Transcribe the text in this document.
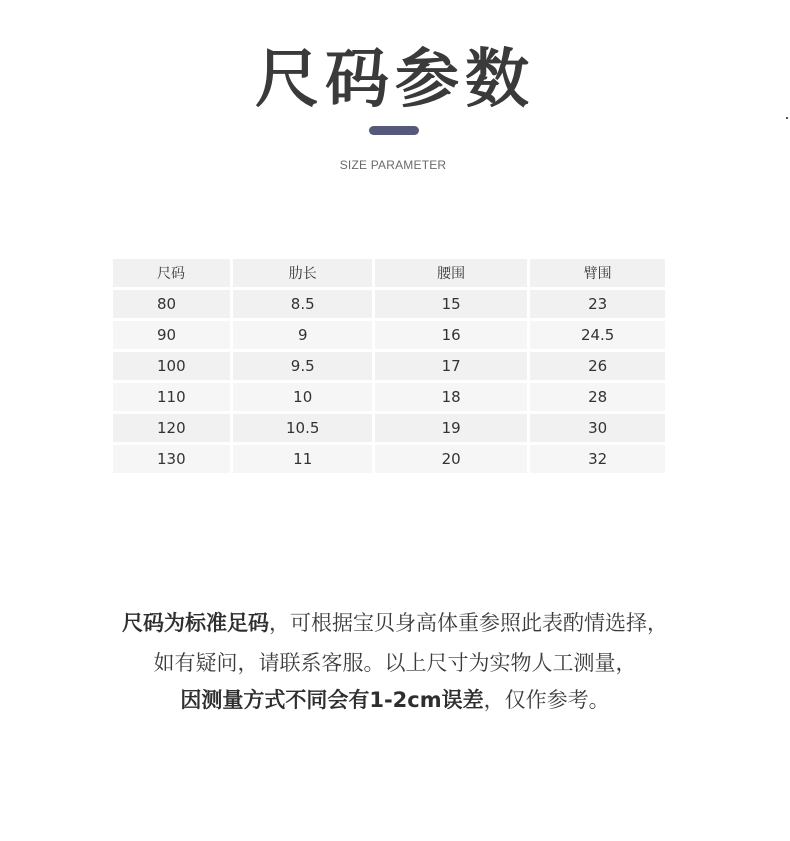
尺码参数
SIZE PARAMETER
尺码	肋长	腰围	臂围
80	8.5	15	23
90	9	16	24.5
100	9.5	17	26
110	10	18	28
120	10.5	19	30
130	11	20	32
尺码为标准足码，可根据宝贝身高体重参照此表酌情选择，
如有疑问，请联系客服。以上尺寸为实物人工测量，
因测量方式不同会有1-2cm误差，仅作参考。
